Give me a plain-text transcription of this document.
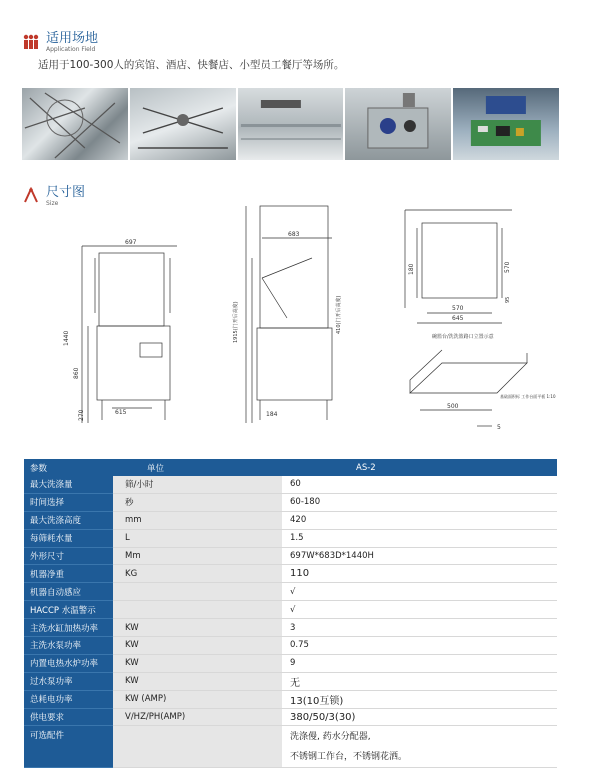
适用场地
Application Field
适用于100-300人的宾馆、酒店、快餐店、小型员工餐厅等场所。
尺寸图
Size
697
1440
860
270	615
683
1915(门开后高度)	410(门开后高度)
184
180	570
95
570
645
碗篮台/洗洗篮路口立置示意
500
5
基础面积标 工作台面平板 1:10
参数	单位	AS-2
最大洗涤量	筛/小时	60
时间选择	秒	60-180
最大洗涤高度	mm	420
每筛耗水量	L	1.5
外形尺寸	Mm	697W*683D*1440H
机器净重	KG	110
机器自动感应		√
HACCP 水温警示		√
主洗水缸加热功率	KW	3
主洗水泵功率	KW	0.75
内置电热水炉功率	KW	9
过水泵功率	KW	无
总耗电功率	KW (AMP)	13(10互锁)
供电要求	V/HZ/PH(AMP)	380/50/3(30)
可选配件		洗涤僈, 药水分配器,
不锈钢工作台，不锈钢花洒。
